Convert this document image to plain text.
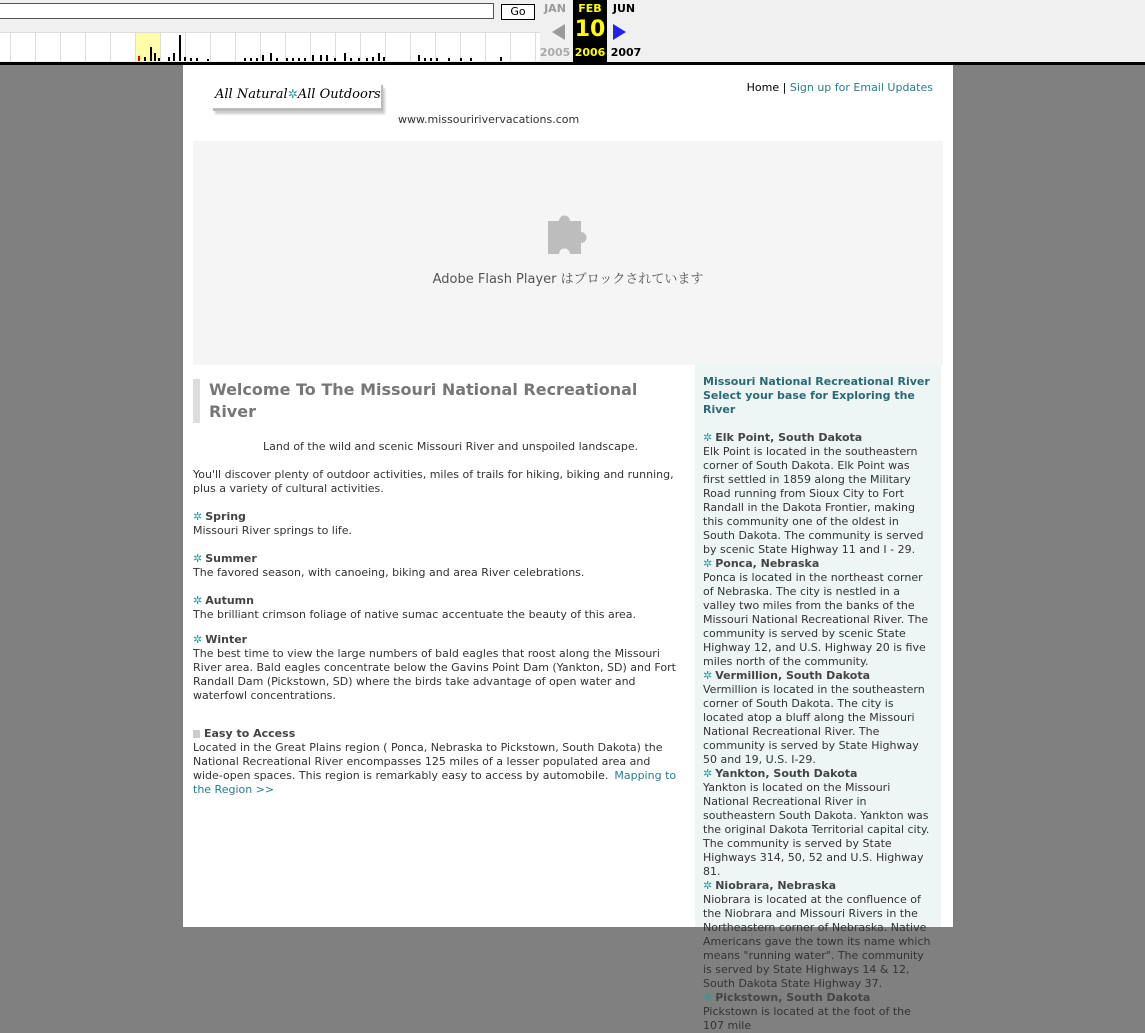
Go	JAN
2005
FEB
10
2006
JUN
2007
All Natural✲All Outdoors
www.missouririvervacations.com
Home | Sign up for Email Updates
Adobe Flash Player はブロックされています
Welcome To The Missouri National Recreational River
Land of the wild and scenic Missouri River and unspoiled landscape.
You'll discover plenty of outdoor activities, miles of trails for hiking, biking and running, plus a variety of cultural activities.
✲ Spring
Missouri River springs to life.
✲ Summer
The favored season, with canoeing, biking and area River celebrations.
✲ Autumn
The brilliant crimson foliage of native sumac accentuate the beauty of this area.
✲ Winter
The best time to view the large numbers of bald eagles that roost along the Missouri River area. Bald eagles concentrate below the Gavins Point Dam (Yankton, SD) and Fort Randall Dam (Pickstown, SD) where the birds take advantage of open water and waterfowl concentrations.
Easy to Access
Located in the Great Plains region ( Ponca, Nebraska to Pickstown, South Dakota) the National Recreational River encompasses 125 miles of a lesser populated area and wide-open spaces. This region is remarkably easy to access by automobile. Mapping to the Region >>
Missouri National Recreational River
Select your base for Exploring the River
✲ Elk Point, South Dakota
Elk Point is located in the southeastern corner of South Dakota. Elk Point was first settled in 1859 along the Military Road running from Sioux City to Fort Randall in the Dakota Frontier, making this community one of the oldest in South Dakota. The community is served by scenic State Highway 11 and I - 29.
✲ Ponca, Nebraska
Ponca is located in the northeast corner of Nebraska. The city is nestled in a valley two miles from the banks of the Missouri National Recreational River. The community is served by scenic State Highway 12, and U.S. Highway 20 is five miles north of the community.
✲ Vermillion, South Dakota
Vermillion is located in the southeastern corner of South Dakota. The city is located atop a bluff along the Missouri National Recreational River. The community is served by State Highway 50 and 19, U.S. I-29.
✲ Yankton, South Dakota
Yankton is located on the Missouri National Recreational River in southeastern South Dakota. Yankton was the original Dakota Territorial capital city. The community is served by State Highways 314, 50, 52 and U.S. Highway 81.
✲ Niobrara, Nebraska
Niobrara is located at the confluence of the Niobrara and Missouri Rivers in the Northeastern corner of Nebraska. Native Americans gave the town its name which means "running water". The community is served by State Highways 14 & 12, South Dakota State Highway 37.
✲ Pickstown, South Dakota
Pickstown is located at the foot of the 107 mile
